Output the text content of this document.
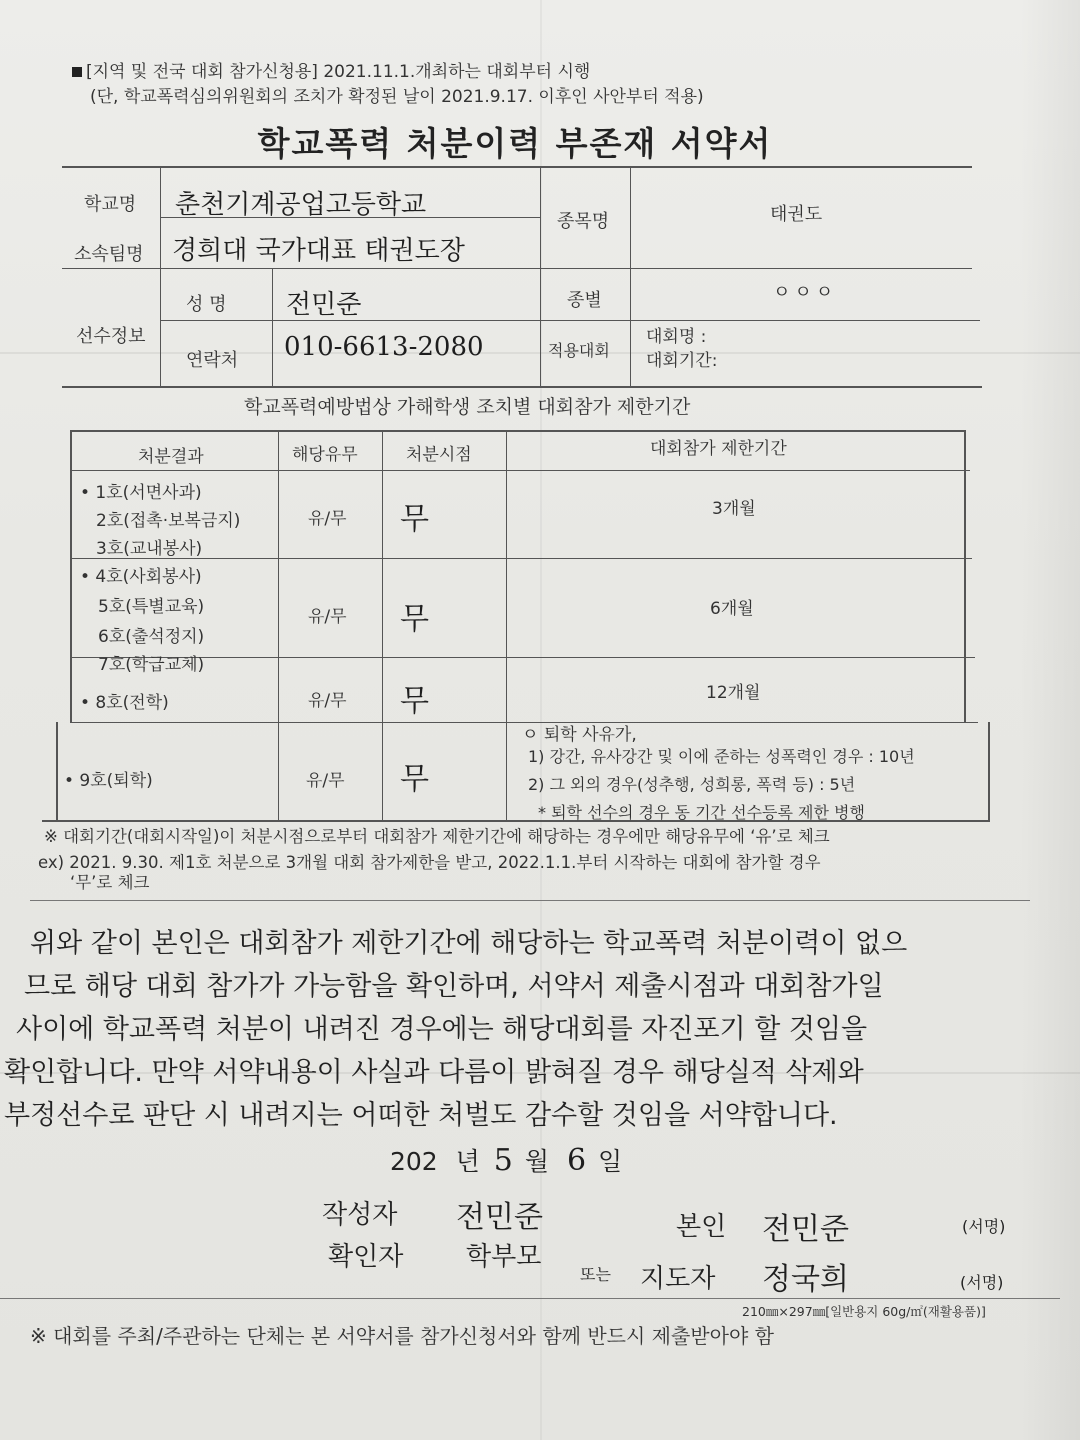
[지역 및 전국 대회 참가신청용] 2021.11.1.개최하는 대회부터 시행
(단, 학교폭력심의위원회의 조치가 확정된 날이 2021.9.17. 이후인 사안부터 적용)
학교폭력 처분이력 부존재 서약서
학교명 춘천기계공업고등학교
소속팀명 경희대 국가대표 태권도장
종목명	태권도
선수정보
성 명 전민준
연락처 010-6613-2080
종별	ㅇㅇㅇ
적용대회
대회명 :
대회기간:
학교폭력예방법상 가해학생 조치별 대회참가 제한기간
처분결과	해당유무	처분시점	대회참가 제한기간
• 1호(서면사과)
2호(접촉·보복금지)
3호(교내봉사)
유/무 무	3개월
• 4호(사회봉사)
5호(특별교육)
6호(출석정지)
7호(학급교체)
유/무 무	6개월
• 8호(전학)	유/무 무	12개월
• 9호(퇴학)	유/무 무
ㅇ 퇴학 사유가,
1) 강간, 유사강간 및 이에 준하는 성폭력인 경우 : 10년
2) 그 외의 경우(성추행, 성희롱, 폭력 등) : 5년
* 퇴학 선수의 경우 동 기간 선수등록 제한 병행
※ 대회기간(대회시작일)이 처분시점으로부터 대회참가 제한기간에 해당하는 경우에만 해당유무에 ‘유’로 체크
ex) 2021. 9.30. 제1호 처분으로 3개월 대회 참가제한을 받고, 2022.1.1.부터 시작하는 대회에 참가할 경우
‘무’로 체크
위와 같이 본인은 대회참가 제한기간에 해당하는 학교폭력 처분이력이 없으
므로 해당 대회 참가가 가능함을 확인하며, 서약서 제출시점과 대회참가일
사이에 학교폭력 처분이 내려진 경우에는 해당대회를 자진포기 할 것임을
확인합니다. 만약 서약내용이 사실과 다름이 밝혀질 경우 해당실적 삭제와
부정선수로 판단 시 내려지는 어떠한 처벌도 감수할 것임을 서약합니다.
202 년 5 월 6 일
작성자 전민준	본인 전민준	(서명)
확인자 학부모
또는 지도자 정국희	(서명)
210㎜×297㎜[일반용지 60g/㎡(재활용품)]
※ 대회를 주최/주관하는 단체는 본 서약서를 참가신청서와 함께 반드시 제출받아야 함
